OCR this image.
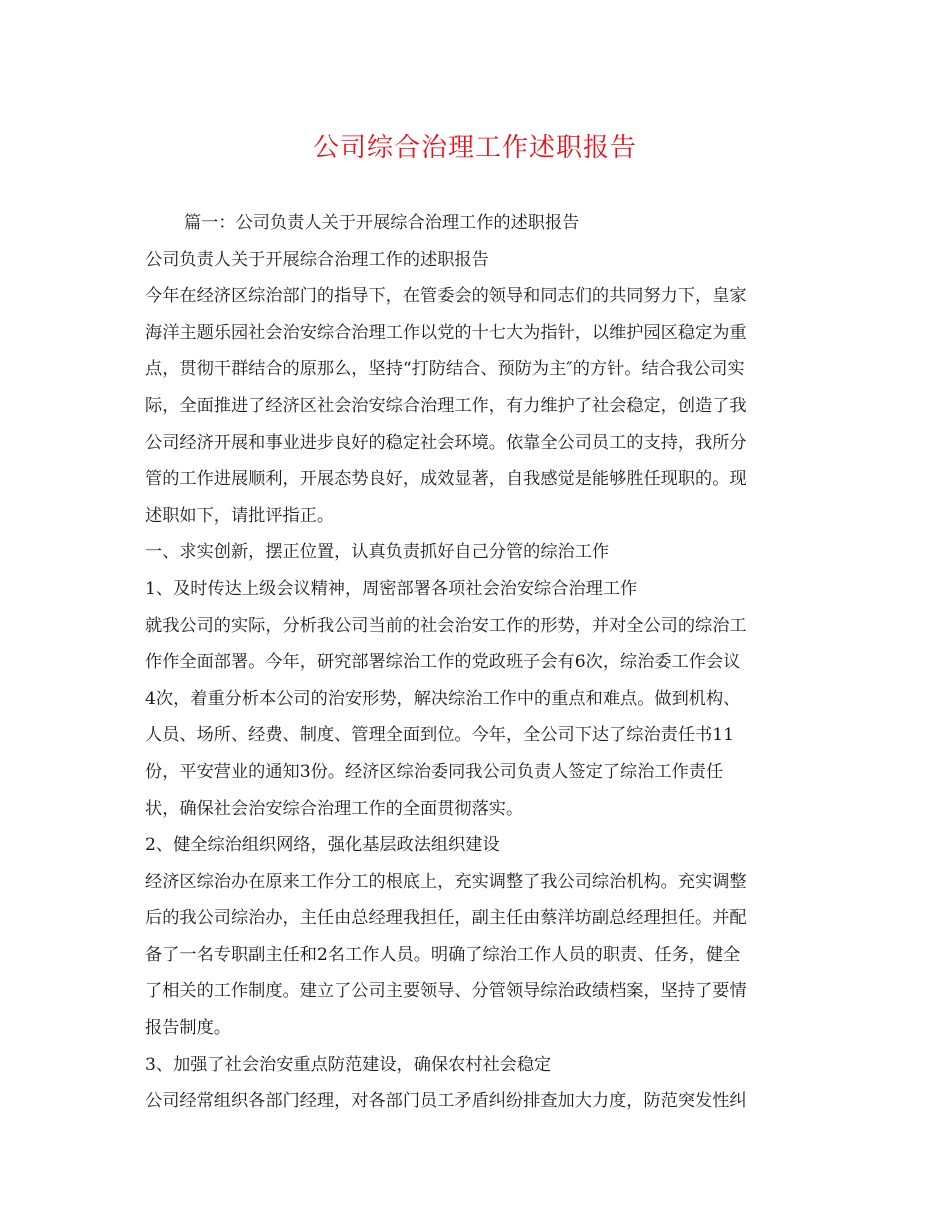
公司综合治理工作述职报告

篇一：公司负责人关于开展综合治理工作的述职报告

公司负责人关于开展综合治理工作的述职报告

今年在经济区综治部门的指导下，在管委会的领导和同志们的共同努力下，皇家

海洋主题乐园社会治安综合治理工作以党的十七大为指针，以维护园区稳定为重

点，贯彻干群结合的原那么，坚持“打防结合、预防为主″的方针。结合我公司实

际，全面推进了经济区社会治安综合治理工作，有力维护了社会稳定，创造了我

公司经济开展和事业进步良好的稳定社会环境。依靠全公司员工的支持，我所分

管的工作进展顺利，开展态势良好，成效显著，自我感觉是能够胜任现职的。现

述职如下，请批评指正。

一、求实创新，摆正位置，认真负责抓好自己分管的综治工作

1、及时传达上级会议精神，周密部署各项社会治安综合治理工作

就我公司的实际，分析我公司当前的社会治安工作的形势，并对全公司的综治工

作作全面部署。今年，研究部署综治工作的党政班子会有6次，综治委工作会议

4次，着重分析本公司的治安形势，解决综治工作中的重点和难点。做到机构、

人员、场所、经费、制度、管理全面到位。今年，全公司下达了综治责任书11

份，平安营业的通知3份。经济区综治委同我公司负责人签定了综治工作责任

状，确保社会治安综合治理工作的全面贯彻落实。

2、健全综治组织网络，强化基层政法组织建设

经济区综治办在原来工作分工的根底上，充实调整了我公司综治机构。充实调整

后的我公司综治办，主任由总经理我担任，副主任由蔡洋坊副总经理担任。并配

备了一名专职副主任和2名工作人员。明确了综治工作人员的职责、任务，健全

了相关的工作制度。建立了公司主要领导、分管领导综治政绩档案，坚持了要情

报告制度。

3、加强了社会治安重点防范建设，确保农村社会稳定

公司经常组织各部门经理，对各部门员工矛盾纠纷排查加大力度，防范突发性纠
